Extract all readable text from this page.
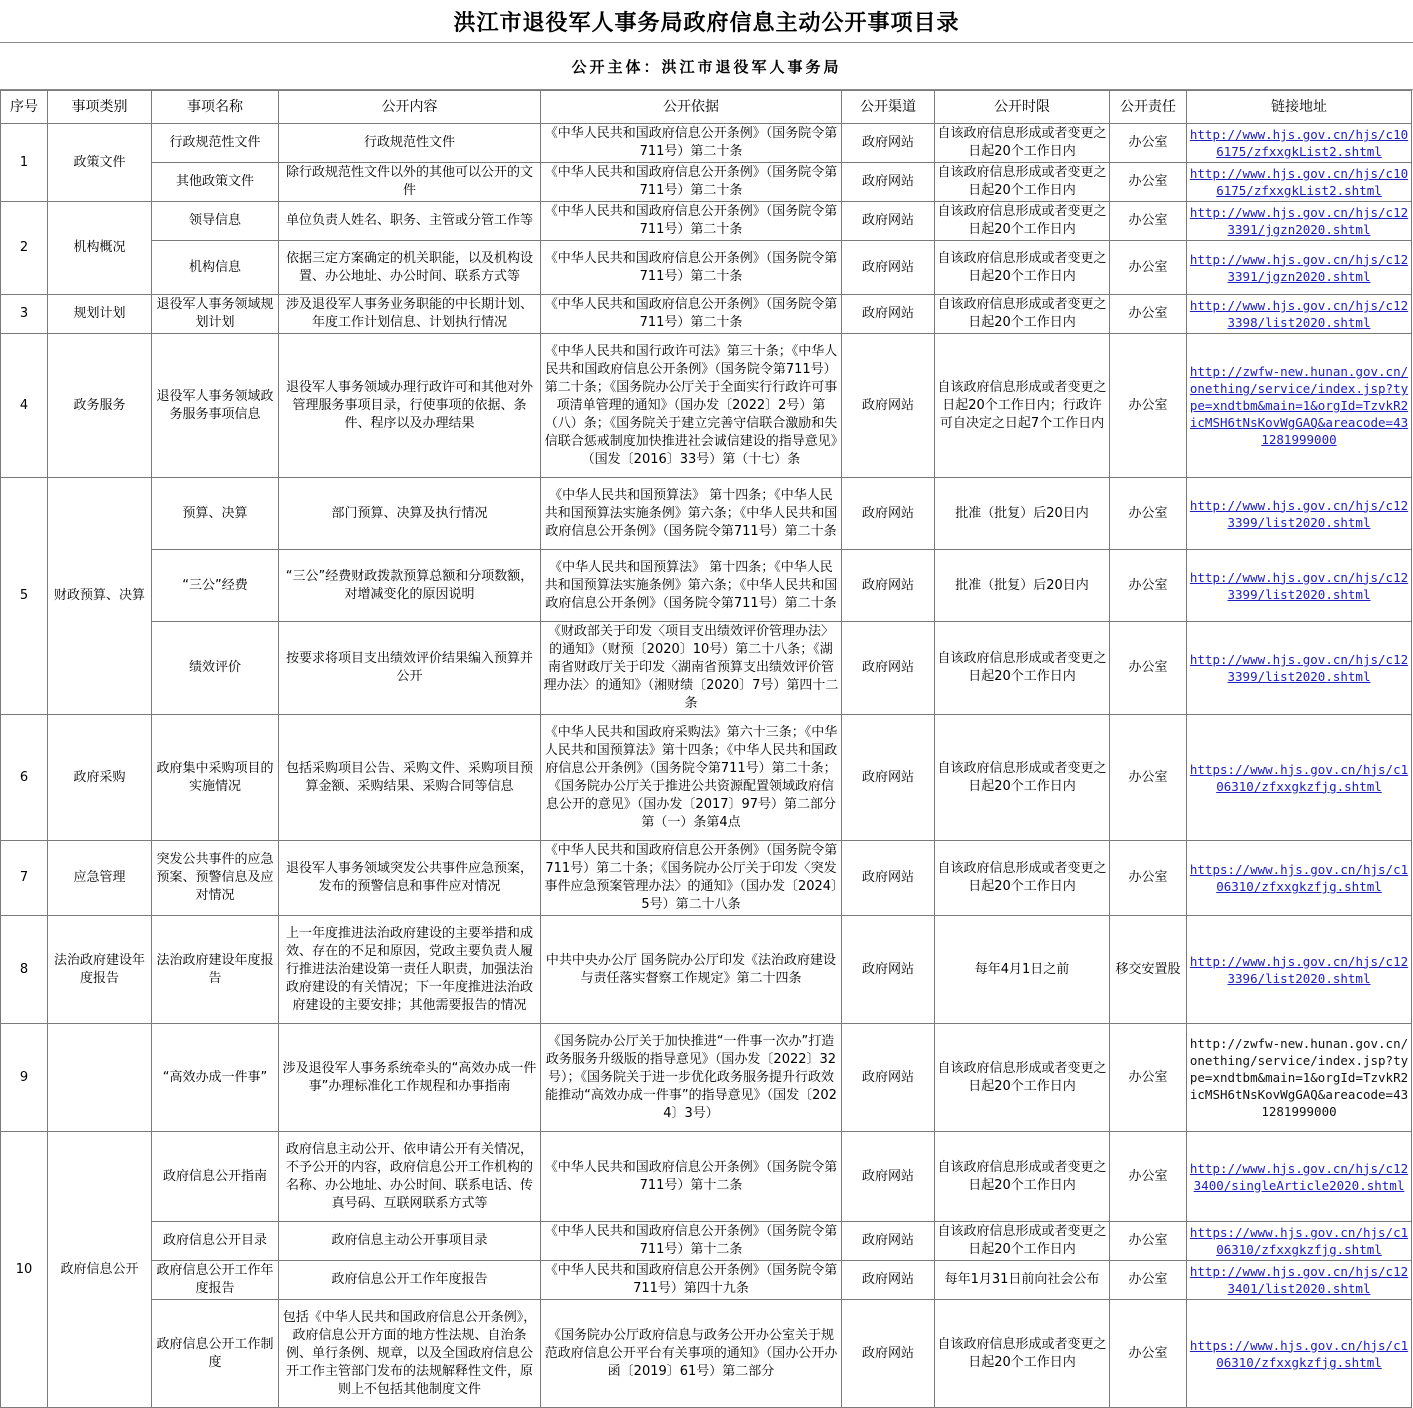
洪江市退役军人事务局政府信息主动公开事项目录
公开主体：洪江市退役军人事务局
序号	事项类别	事项名称	公开内容	公开依据	公开渠道	公开时限	公开责任	链接地址
1	政策文件	行政规范性文件	行政规范性文件	《中华人民共和国政府信息公开条例》（国务院令第711号）第二十条	政府网站	自该政府信息形成或者变更之日起20个工作日内	办公室	http://www.hjs.gov.cn/hjs/c106175/zfxxgkList2.shtml
		其他政策文件	除行政规范性文件以外的其他可以公开的文件	《中华人民共和国政府信息公开条例》（国务院令第711号）第二十条	政府网站	自该政府信息形成或者变更之日起20个工作日内	办公室	http://www.hjs.gov.cn/hjs/c106175/zfxxgkList2.shtml
2	机构概况	领导信息	单位负责人姓名、职务、主管或分管工作等	《中华人民共和国政府信息公开条例》（国务院令第711号）第二十条	政府网站	自该政府信息形成或者变更之日起20个工作日内	办公室	http://www.hjs.gov.cn/hjs/c123391/jgzn2020.shtml
		机构信息	依据三定方案确定的机关职能，以及机构设置、办公地址、办公时间、联系方式等	《中华人民共和国政府信息公开条例》（国务院令第711号）第二十条	政府网站	自该政府信息形成或者变更之日起20个工作日内	办公室	http://www.hjs.gov.cn/hjs/c123391/jgzn2020.shtml
3	规划计划	退役军人事务领域规划计划	涉及退役军人事务业务职能的中长期计划、年度工作计划信息、计划执行情况	《中华人民共和国政府信息公开条例》（国务院令第711号）第二十条	政府网站	自该政府信息形成或者变更之日起20个工作日内	办公室	http://www.hjs.gov.cn/hjs/c123398/list2020.shtml
4	政务服务	退役军人事务领域政务服务事项信息	退役军人事务领域办理行政许可和其他对外管理服务事项目录，行使事项的依据、条件、程序以及办理结果	《中华人民共和国行政许可法》第三十条；《中华人民共和国政府信息公开条例》（国务院令第711号）第二十条；《国务院办公厅关于全面实行行政许可事项清单管理的通知》（国办发〔2022〕2号）第（八）条；《国务院关于建立完善守信联合激励和失信联合惩戒制度加快推进社会诚信建设的指导意见》（国发〔2016〕33号）第（十七）条	政府网站	自该政府信息形成或者变更之日起20个工作日内；行政许可自决定之日起7个工作日内	办公室	http://zwfw-new.hunan.gov.cn/onething/service/index.jsp?type=xndtbm&main=1&orgId=TzvkR2icMSH6tNsKovWgGAQ&areacode=431281999000
5	财政预算、决算	预算、决算	部门预算、决算及执行情况	《中华人民共和国预算法》 第十四条；《中华人民共和国预算法实施条例》第六条；《中华人民共和国政府信息公开条例》（国务院令第711号）第二十条	政府网站	批准（批复）后20日内	办公室	http://www.hjs.gov.cn/hjs/c123399/list2020.shtml
		“三公”经费	“三公”经费财政拨款预算总额和分项数额，对增减变化的原因说明	《中华人民共和国预算法》 第十四条；《中华人民共和国预算法实施条例》第六条；《中华人民共和国政府信息公开条例》（国务院令第711号）第二十条	政府网站	批准（批复）后20日内	办公室	http://www.hjs.gov.cn/hjs/c123399/list2020.shtml
		绩效评价	按要求将项目支出绩效评价结果编入预算并公开	《财政部关于印发〈项目支出绩效评价管理办法〉的通知》（财预〔2020〕10号）第二十八条；《湖南省财政厅关于印发〈湖南省预算支出绩效评价管理办法〉的通知》（湘财绩〔2020〕7号）第四十二条	政府网站	自该政府信息形成或者变更之日起20个工作日内	办公室	http://www.hjs.gov.cn/hjs/c123399/list2020.shtml
6	政府采购	政府集中采购项目的实施情况	包括采购项目公告、采购文件、采购项目预算金额、采购结果、采购合同等信息	《中华人民共和国政府采购法》第六十三条；《中华人民共和国预算法》第十四条；《中华人民共和国政府信息公开条例》（国务院令第711号）第二十条；《国务院办公厅关于推进公共资源配置领域政府信息公开的意见》（国办发〔2017〕97号）第二部分第（一）条第4点	政府网站	自该政府信息形成或者变更之日起20个工作日内	办公室	https://www.hjs.gov.cn/hjs/c106310/zfxxgkzfjg.shtml
7	应急管理	突发公共事件的应急预案、预警信息及应对情况	退役军人事务领域突发公共事件应急预案，发布的预警信息和事件应对情况	《中华人民共和国政府信息公开条例》（国务院令第711号）第二十条；《国务院办公厅关于印发〈突发事件应急预案管理办法〉的通知》（国办发〔2024〕5号）第二十八条	政府网站	自该政府信息形成或者变更之日起20个工作日内	办公室	https://www.hjs.gov.cn/hjs/c106310/zfxxgkzfjg.shtml
8	法治政府建设年度报告	法治政府建设年度报告	上一年度推进法治政府建设的主要举措和成效、存在的不足和原因，党政主要负责人履行推进法治建设第一责任人职责，加强法治政府建设的有关情况；下一年度推进法治政府建设的主要安排；其他需要报告的情况	中共中央办公厅 国务院办公厅印发《法治政府建设与责任落实督察工作规定》第二十四条	政府网站	每年4月1日之前	移交安置股	http://www.hjs.gov.cn/hjs/c123396/list2020.shtml
9		“高效办成一件事”	涉及退役军人事务系统牵头的“高效办成一件事”办理标准化工作规程和办事指南	《国务院办公厅关于加快推进“一件事一次办”打造政务服务升级版的指导意见》（国办发〔2022〕32号）；《国务院关于进一步优化政务服务提升行政效能推动“高效办成一件事”的指导意见》（国发〔2024〕3号）	政府网站	自该政府信息形成或者变更之日起20个工作日内	办公室	http://zwfw-new.hunan.gov.cn/onething/service/index.jsp?type=xndtbm&main=1&orgId=TzvkR2icMSH6tNsKovWgGAQ&areacode=431281999000
10	政府信息公开	政府信息公开指南	政府信息主动公开、依申请公开有关情况，不予公开的内容，政府信息公开工作机构的名称、办公地址、办公时间、联系电话、传真号码、互联网联系方式等	《中华人民共和国政府信息公开条例》（国务院令第711号）第十二条	政府网站	自该政府信息形成或者变更之日起20个工作日内	办公室	http://www.hjs.gov.cn/hjs/c123400/singleArticle2020.shtml
		政府信息公开目录	政府信息主动公开事项目录	《中华人民共和国政府信息公开条例》（国务院令第711号）第十二条	政府网站	自该政府信息形成或者变更之日起20个工作日内	办公室	https://www.hjs.gov.cn/hjs/c106310/zfxxgkzfjg.shtml
		政府信息公开工作年度报告	政府信息公开工作年度报告	《中华人民共和国政府信息公开条例》（国务院令第711号）第四十九条	政府网站	每年1月31日前向社会公布	办公室	http://www.hjs.gov.cn/hjs/c123401/list2020.shtml
		政府信息公开工作制度	包括《中华人民共和国政府信息公开条例》，政府信息公开方面的地方性法规、自治条例、单行条例、规章，以及全国政府信息公开工作主管部门发布的法规解释性文件，原则上不包括其他制度文件	《国务院办公厅政府信息与政务公开办公室关于规范政府信息公开平台有关事项的通知》（国办公开办函〔2019〕61号）第二部分	政府网站	自该政府信息形成或者变更之日起20个工作日内	办公室	https://www.hjs.gov.cn/hjs/c106310/zfxxgkzfjg.shtml
